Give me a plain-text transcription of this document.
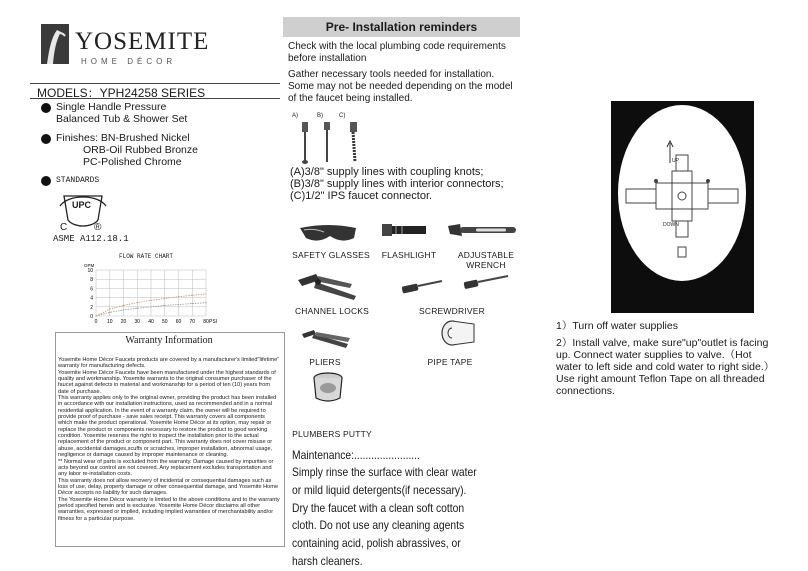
YOSEMITE
HOME DÉCOR
MODELS：YPH24258 SERIES
Single Handle Pressure
Balanced Tub & Shower Set
Finishes: BN-Brushed Nickel
ORB-Oil Rubbed Bronze
PC-Polished Chrome
STANDARDS
UPC
C	®
ASME A112.18.1
FLOW RATE CHART
10
8
6
4
2
0
10 20 30 40 50 60 70 80
0
GPM
PSI
Warranty Information
Yosemite Home Décor Faucets products are covered by a manufacturer's limited"lifetime" warranty for manufacturing defects.
Yosemite Home Décor Faucets have been manufactured under the highest standards of quality and workmanship. Yosemite warrants to the original consumer purchaser of the faucet against defects in material and workmanship for a period of ten (10) years from date of purchase.
This warranty applies only to the original owner, providing the product has been installed in accordance with our installation instructions, used as recommended and in a normal residential application. In the event of a warranty claim, the owner will be required to provide proof of purchase - save sales receipt. This warranty covers all components which make the product operational. Yosemite Home Décor at its option, may repair or replace the product or components necessary to restore the product to good working condition. Yosemite reserves the right to inspect the installation prior to the actual replacement of the product or component part. This warranty does not cover misuse or abuse, accidental damages,scuffs or scratches, improper installation, abnormal usage, negligence or damage caused by improper maintenance or cleaning.
** Normal wear of parts is excluded from the warranty. Damage caused by impurities or acts beyond our control are not covered. Any replacement excludes transportation and any labor re-installation costs.
This warranty does not allow recovery of incidental or consequential damages such as loss of use, delay, property damage or other consequential damage, and Yosemite Home Décor accepts no liability for such damages.
The Yosemite Home Décor warranty is limited to the above conditions and to the warranty period specified herein and is exclusive. Yosemite Home Décor disclaims all other warranties, expressed or implied, including implied warranties of merchantability and/or fitness for a particular purpose.
Pre- Installation reminders
Check with the local plumbing code requirements before installation
Gather necessary tools needed for installation. Some may not be needed depending on the model of the faucet being installed.
A)	B)	C)
(A)3/8" supply lines with coupling knots;
(B)3/8" supply lines with interior connectors;
(C)1/2" IPS faucet connector.
SAFETY GLASSES FLASHLIGHT	ADJUSTABLE WRENCH
CHANNEL LOCKS	SCREWDRIVER
PLIERS	PIPE TAPE
PLUMBERS PUTTY
Maintenance:.......................
Simply rinse the surface with clear water or mild liquid detergents(if necessary). Dry the faucet with a clean soft cotton cloth. Do not use any cleaning agents containing acid, polish abrassives, or harsh cleaners.
UP
DOWN
SWEAT
1）Turn off water supplies
2）Install valve, make sure"up"outlet is facing up. Connect water supplies to valve.（Hot water to left side and cold water to right side.）Use right amount Teflon Tape on all threaded connections.
